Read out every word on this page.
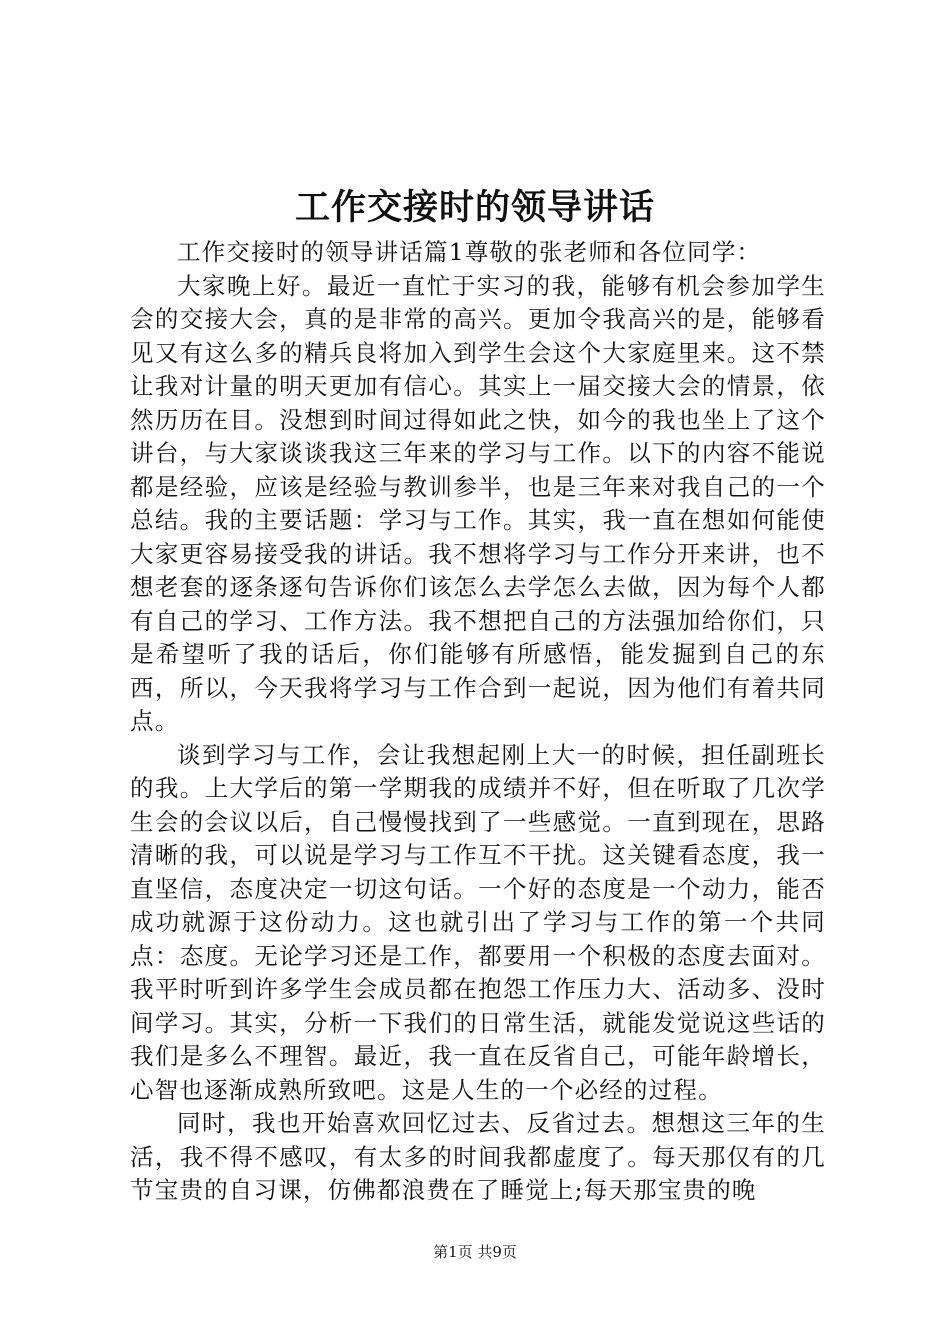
工作交接时的领导讲话

工作交接时的领导讲话篇1尊敬的张老师和各位同学：

大家晚上好。最近一直忙于实习的我，能够有机会参加学生会的交接大会，真的是非常的高兴。更加令我高兴的是，能够看见又有这么多的精兵良将加入到学生会这个大家庭里来。这不禁让我对计量的明天更加有信心。其实上一届交接大会的情景，依然历历在目。没想到时间过得如此之快，如今的我也坐上了这个讲台，与大家谈谈我这三年来的学习与工作。以下的内容不能说都是经验，应该是经验与教训参半，也是三年来对我自己的一个总结。我的主要话题：学习与工作。其实，我一直在想如何能使大家更容易接受我的讲话。我不想将学习与工作分开来讲，也不想老套的逐条逐句告诉你们该怎么去学怎么去做，因为每个人都有自己的学习、工作方法。我不想把自己的方法强加给你们，只是希望听了我的话后，你们能够有所感悟，能发掘到自己的东西，所以，今天我将学习与工作合到一起说，因为他们有着共同点。

谈到学习与工作，会让我想起刚上大一的时候，担任副班长的我。上大学后的第一学期我的成绩并不好，但在听取了几次学生会的会议以后，自己慢慢找到了一些感觉。一直到现在，思路清晰的我，可以说是学习与工作互不干扰。这关键看态度，我一直坚信，态度决定一切这句话。一个好的态度是一个动力，能否成功就源于这份动力。这也就引出了学习与工作的第一个共同点：态度。无论学习还是工作，都要用一个积极的态度去面对。我平时听到许多学生会成员都在抱怨工作压力大、活动多、没时间学习。其实，分析一下我们的日常生活，就能发觉说这些话的我们是多么不理智。最近，我一直在反省自己，可能年龄增长，心智也逐渐成熟所致吧。这是人生的一个必经的过程。

同时，我也开始喜欢回忆过去、反省过去。想想这三年的生活，我不得不感叹，有太多的时间我都虚度了。每天那仅有的几节宝贵的自习课，仿佛都浪费在了睡觉上;每天那宝贵的晚

第1页 共9页
